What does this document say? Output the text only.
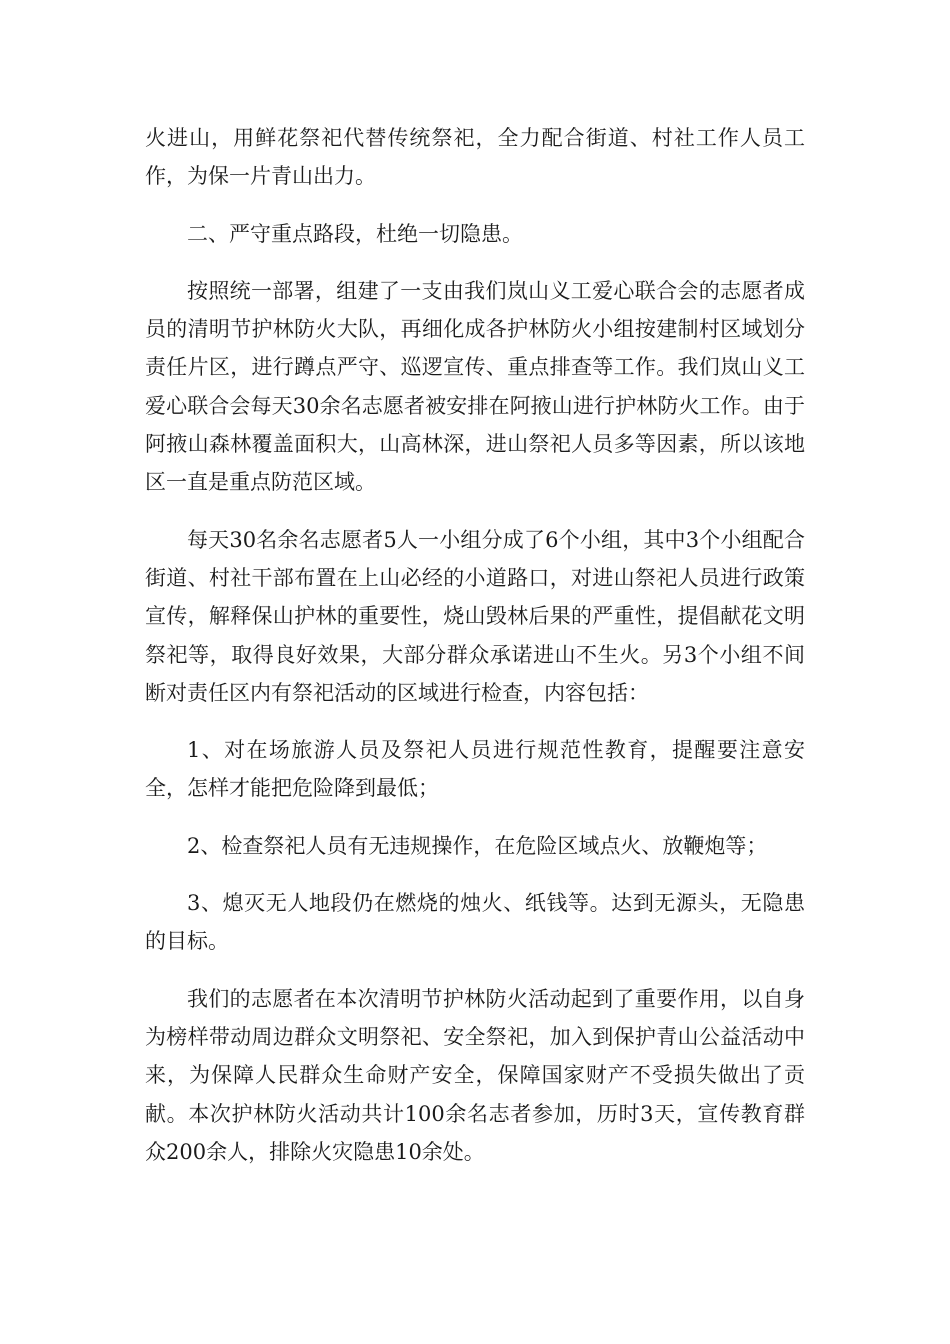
火进山，用鲜花祭祀代替传统祭祀，全力配合街道、村社工作人员工作，为保一片青山出力。

二、严守重点路段，杜绝一切隐患。

按照统一部署，组建了一支由我们岚山义工爱心联合会的志愿者成员的清明节护林防火大队，再细化成各护林防火小组按建制村区域划分责任片区，进行蹲点严守、巡逻宣传、重点排查等工作。我们岚山义工爱心联合会每天30余名志愿者被安排在阿掖山进行护林防火工作。由于阿掖山森林覆盖面积大，山高林深，进山祭祀人员多等因素，所以该地区一直是重点防范区域。

每天30名余名志愿者5人一小组分成了6个小组，其中3个小组配合街道、村社干部布置在上山必经的小道路口，对进山祭祀人员进行政策宣传，解释保山护林的重要性，烧山毁林后果的严重性，提倡献花文明祭祀等，取得良好效果，大部分群众承诺进山不生火。另3个小组不间断对责任区内有祭祀活动的区域进行检查，内容包括：

1、对在场旅游人员及祭祀人员进行规范性教育，提醒要注意安全，怎样才能把危险降到最低；

2、检查祭祀人员有无违规操作，在危险区域点火、放鞭炮等；

3、熄灭无人地段仍在燃烧的烛火、纸钱等。达到无源头，无隐患的目标。

我们的志愿者在本次清明节护林防火活动起到了重要作用，以自身为榜样带动周边群众文明祭祀、安全祭祀，加入到保护青山公益活动中来，为保障人民群众生命财产安全，保障国家财产不受损失做出了贡献。本次护林防火活动共计100余名志者参加，历时3天，宣传教育群众200余人，排除火灾隐患10余处。
